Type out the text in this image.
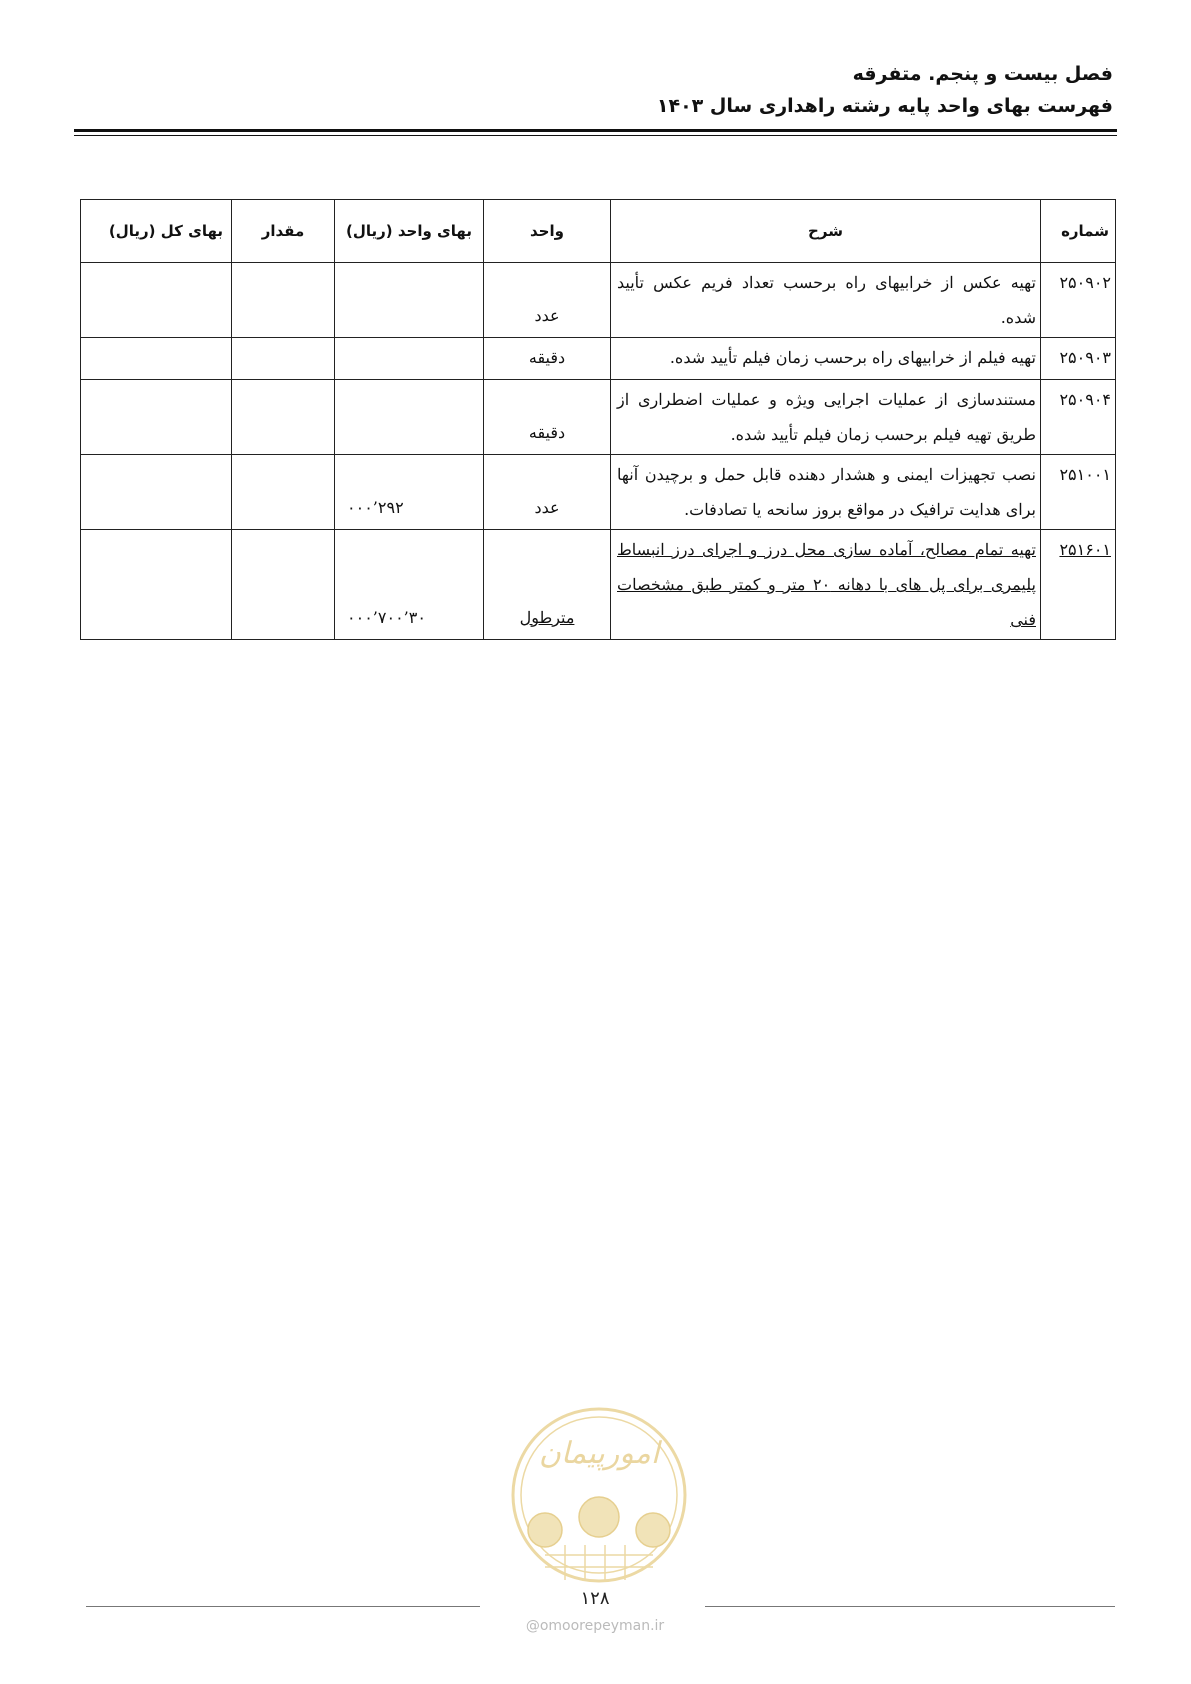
فصل بیست و پنجم. متفرقه
فهرست بهای واحد پایه رشته راهداری سال ۱۴۰۳
شماره	شرح	واحد	بهای واحد (ریال)	مقدار	بهای کل (ریال)
۲۵۰۹۰۲	تهیه عکس از خرابیهای راه برحسب تعداد فریم عکس تأیید شده.	عدد			
۲۵۰۹۰۳	تهیه فیلم از خرابیهای راه برحسب زمان فیلم تأیید شده.	دقیقه			
۲۵۰۹۰۴	مستندسازی از عملیات اجرایی ویژه و عملیات اضطراری از طریق تهیه فیلم برحسب زمان فیلم تأیید شده.	دقیقه			
۲۵۱۰۰۱	نصب تجهیزات ایمنی و هشدار دهنده قابل حمل و برچیدن آنها برای هدایت ترافیک در مواقع بروز سانحه یا تصادفات.	عدد	۲۹۲’۰۰۰		
۲۵۱۶۰۱	تهیه تمام مصالح، آماده سازی محل درز و اجرای درز انبساط پلیمری برای پل های با دهانه ۲۰ متر و کمتر طبق مشخصات فنی	مترطول	۳۰’۷۰۰’۰۰۰		
امورپیمان
۱۲۸
@omoorepeyman.ir
